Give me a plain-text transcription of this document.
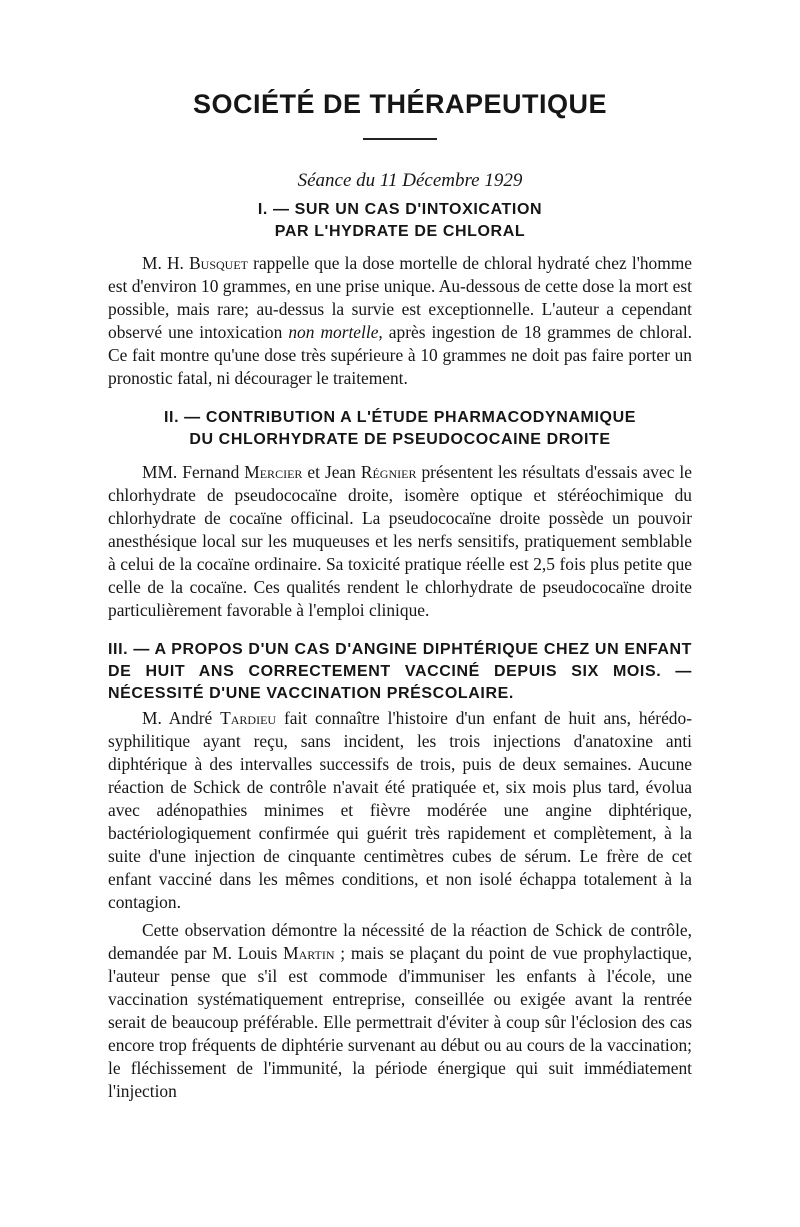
SOCIÉTÉ DE THÉRAPEUTIQUE
Séance du 11 Décembre 1929
I. — SUR UN CAS D'INTOXICATION
PAR L'HYDRATE DE CHLORAL

M. H. Busquet rappelle que la dose mortelle de chloral hydraté chez l'homme est d'environ 10 grammes, en une prise unique. Au-dessous de cette dose la mort est possible, mais rare; au-dessus la survie est exceptionnelle. L'auteur a cependant observé une intoxication non mortelle, après ingestion de 18 grammes de chloral. Ce fait montre qu'une dose très supérieure à 10 grammes ne doit pas faire porter un pronostic fatal, ni décourager le traitement.

II. — CONTRIBUTION A L'ÉTUDE PHARMACODYNAMIQUE
DU CHLORHYDRATE DE PSEUDOCOCAINE DROITE

MM. Fernand Mercier et Jean Régnier présentent les résultats d'essais avec le chlorhydrate de pseudococaïne droite, isomère optique et stéréochimique du chlorhydrate de cocaïne officinal. La pseudococaïne droite possède un pouvoir anesthésique local sur les muqueuses et les nerfs sensitifs, pratiquement semblable à celui de la cocaïne ordinaire. Sa toxicité pratique réelle est 2,5 fois plus petite que celle de la cocaïne. Ces qualités rendent le chlorhydrate de pseudococaïne droite particulièrement favorable à l'emploi clinique.

III. — A PROPOS D'UN CAS D'ANGINE DIPHTÉRIQUE CHEZ UN ENFANT DE HUIT ANS CORRECTEMENT VACCINÉ DEPUIS SIX MOIS. — NÉCESSITÉ D'UNE VACCINATION PRÉSCOLAIRE.

M. André Tardieu fait connaître l'histoire d'un enfant de huit ans, hérédo-syphilitique ayant reçu, sans incident, les trois injections d'anatoxine anti diphtérique à des intervalles successifs de trois, puis de deux semaines. Aucune réaction de Schick de contrôle n'avait été pratiquée et, six mois plus tard, évolua avec adénopathies minimes et fièvre modérée une angine diphtérique, bactériologiquement confirmée qui guérit très rapidement et complètement, à la suite d'une injection de cinquante centimètres cubes de sérum. Le frère de cet enfant vacciné dans les mêmes conditions, et non isolé échappa totalement à la contagion.

Cette observation démontre la nécessité de la réaction de Schick de contrôle, demandée par M. Louis Martin ; mais se plaçant du point de vue prophylactique, l'auteur pense que s'il est commode d'immuniser les enfants à l'école, une vaccination systématiquement entreprise, conseillée ou exigée avant la rentrée serait de beaucoup préférable. Elle permettrait d'éviter à coup sûr l'éclosion des cas encore trop fréquents de diphtérie survenant au début ou au cours de la vaccination; le fléchissement de l'immunité, la période énergique qui suit immédiatement l'injection
